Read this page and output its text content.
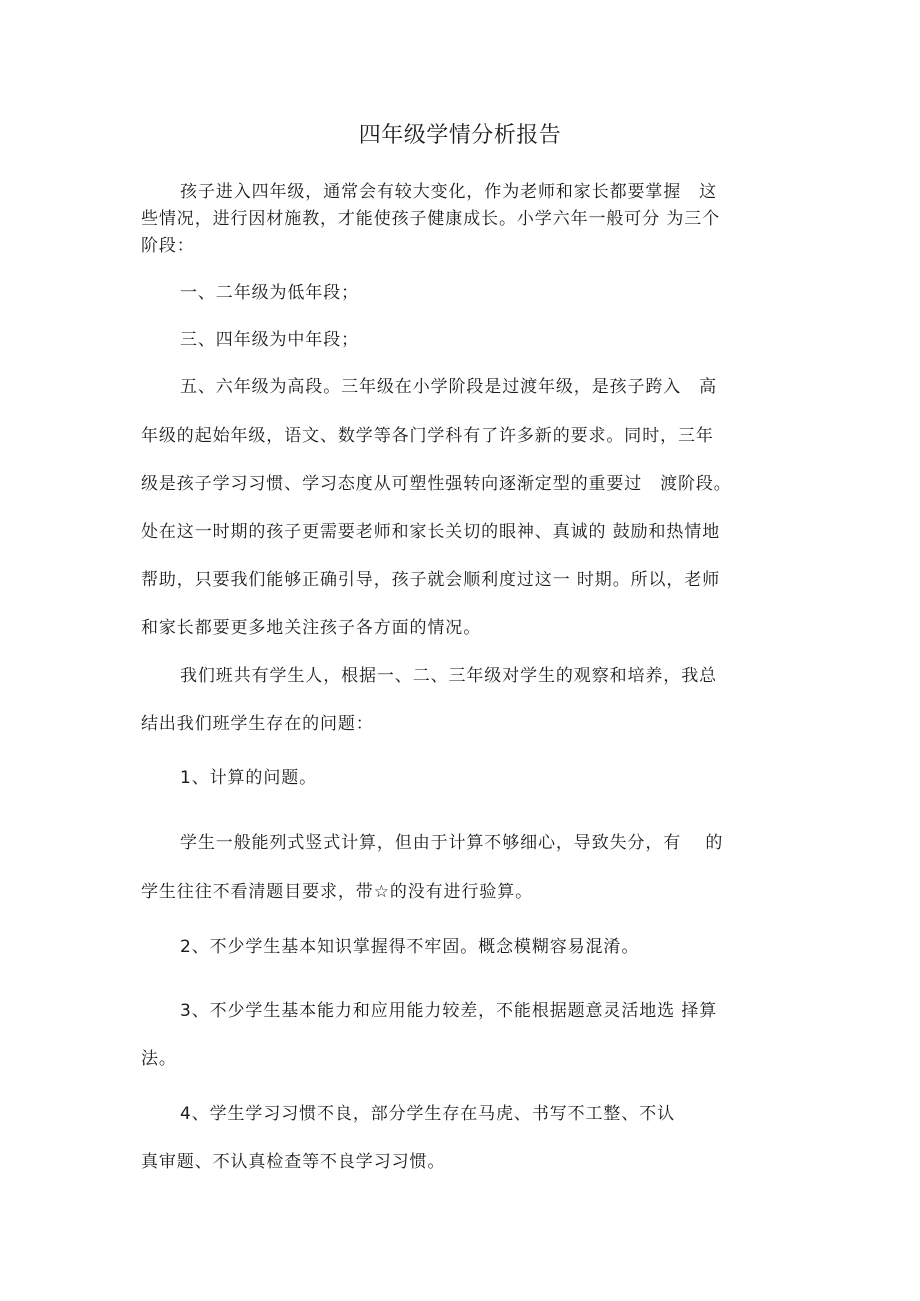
四年级学情分析报告
孩子进入四年级，通常会有较大变化，作为老师和家长都要掌握　这
些情况，进行因材施教，才能使孩子健康成长。小学六年一般可分 为三个
阶段：
一、二年级为低年段；
三、四年级为中年段；
五、六年级为高段。三年级在小学阶段是过渡年级，是孩子跨入　高
年级的起始年级，语文、数学等各门学科有了许多新的要求。同时，三年
级是孩子学习习惯、学习态度从可塑性强转向逐渐定型的重要过　渡阶段。
处在这一时期的孩子更需要老师和家长关切的眼神、真诚的 鼓励和热情地
帮助，只要我们能够正确引导，孩子就会顺利度过这一 时期。所以，老师
和家长都要更多地关注孩子各方面的情况。
我们班共有学生人，根据一、二、三年级对学生的观察和培养，我总
结出我们班学生存在的问题：
1、计算的问题。
学生一般能列式竖式计算，但由于计算不够细心，导致失分，有　 的
学生往往不看清题目要求，带☆的没有进行验算。
2、不少学生基本知识掌握得不牢固。概念模糊容易混淆。
3、不少学生基本能力和应用能力较差，不能根据题意灵活地选 择算
法。
4、学生学习习惯不良，部分学生存在马虎、书写不工整、不认
真审题、不认真检查等不良学习习惯。
